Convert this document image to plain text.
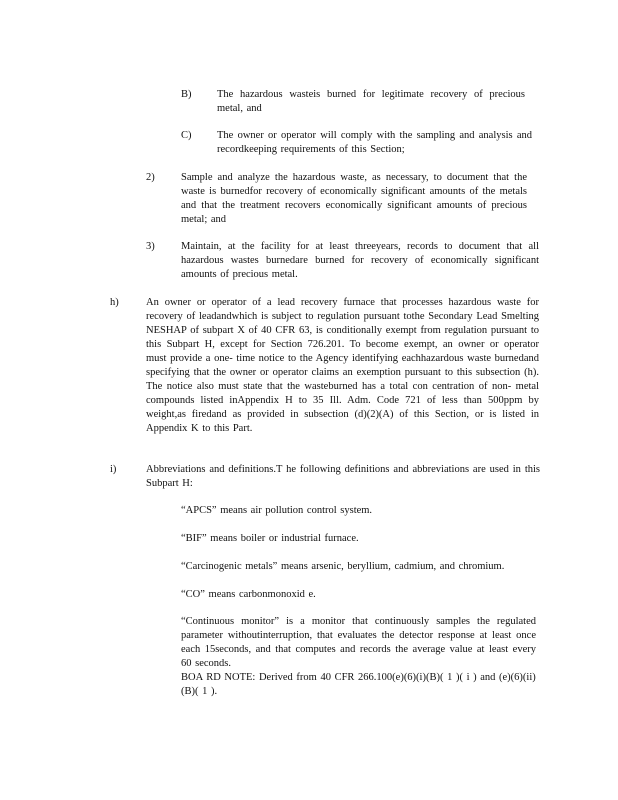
B) The hazardous wasteis burned for legitimate recovery of precious metal, and
C) The owner or operator will comply with the sampling and analysis and recordkeeping requirements of this Section;
2)	Sample and analyze the hazardous waste, as necessary, to document that the waste is burnedfor recovery of economically significant amounts of the metals and that the treatment recovers economically significant amounts of precious metal; and
3)	Maintain, at the facility for at least threeyears, records to document that all hazardous wastes burnedare burned for recovery of economically significant amounts of precious metal.
h)	An owner or operator of a lead recovery furnace that processes hazardous waste for recovery of leadandwhich is subject to regulation pursuant tothe Secondary Lead Smelting NESHAP of subpart X of 40 CFR 63, is conditionally exempt from regulation pursuant to this Subpart H, except for Section 726.201. To become exempt, an owner or operator must provide a one- time notice to the Agency identifying eachhazardous waste burnedand specifying that the owner or operator claims an exemption pursuant to this subsection (h). The notice also must state that the wasteburned has a total con centration of non- metal compounds listed inAppendix H to 35 Ill. Adm. Code 721 of less than 500ppm by weight,as firedand as provided in subsection (d)(2)(A) of this Section, or is listed in Appendix K to this Part.
i)	Abbreviations and definitions.T he following definitions and abbreviations are used in this Subpart H:
“APCS” means air pollution control system.
“BIF” means boiler or industrial furnace.
“Carcinogenic metals” means arsenic, beryllium, cadmium, and chromium.
“CO” means carbonmonoxid e.
“Continuous monitor” is a monitor that continuously samples the regulated parameter withoutinterruption, that evaluates the detector response at least once each 15seconds, and that computes and records the average value at least every 60 seconds.
BOA RD NOTE: Derived from 40 CFR 266.100(e)(6)(i)(B)( 1 )( i ) and (e)(6)(ii)(B)( 1 ).
